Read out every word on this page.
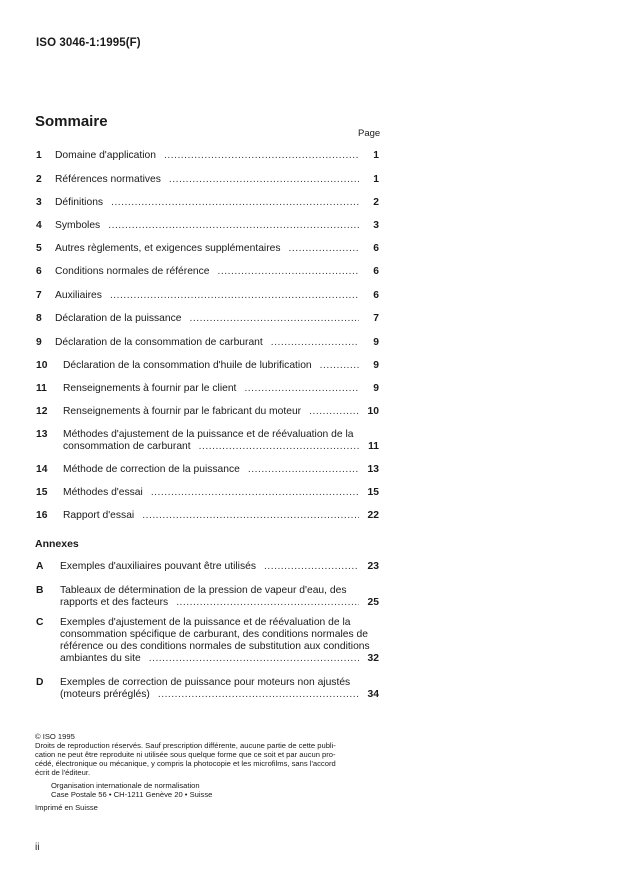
ISO 3046-1:1995(F)
Sommaire
Page
1 Domaine d'application .....	1
2 Références normatives .....	1
3 Définitions .....	2
4 Symboles .....	3
5 Autres règlements, et exigences supplémentaires .....	6
6 Conditions normales de référence .....	6
7 Auxiliaires .....	6
8 Déclaration de la puissance .....	7
9 Déclaration de la consommation de carburant .....	9
10 Déclaration de la consommation d'huile de lubrification .....	9
11 Renseignements à fournir par le client .....	9
12 Renseignements à fournir par le fabricant du moteur .....	10
13 Méthodes d'ajustement de la puissance et de réévaluation de la
consommation de carburant .....	11
14 Méthode de correction de la puissance .....	13
15 Méthodes d'essai .....	15
16 Rapport d'essai .....	22
Annexes
A Exemples d'auxiliaires pouvant être utilisés .....	23
B Tableaux de détermination de la pression de vapeur d'eau, des
rapports et des facteurs .....	25
C Exemples d'ajustement de la puissance et de réévaluation de la
consommation spécifique de carburant, des conditions normales de
référence ou des conditions normales de substitution aux conditions
ambiantes du site .....	32
D Exemples de correction de puissance pour moteurs non ajustés
(moteurs préréglés) .....	34

© ISO 1995

Droits de reproduction réservés. Sauf prescription différente, aucune partie de cette publi-

cation ne peut être reproduite ni utilisée sous quelque forme que ce soit et par aucun pro-

cédé, électronique ou mécanique, y compris la photocopie et les microfilms, sans l'accord

écrit de l'éditeur.

Organisation internationale de normalisation

Case Postale 56 • CH-1211 Genève 20 • Suisse

Imprimé en Suisse

ii
